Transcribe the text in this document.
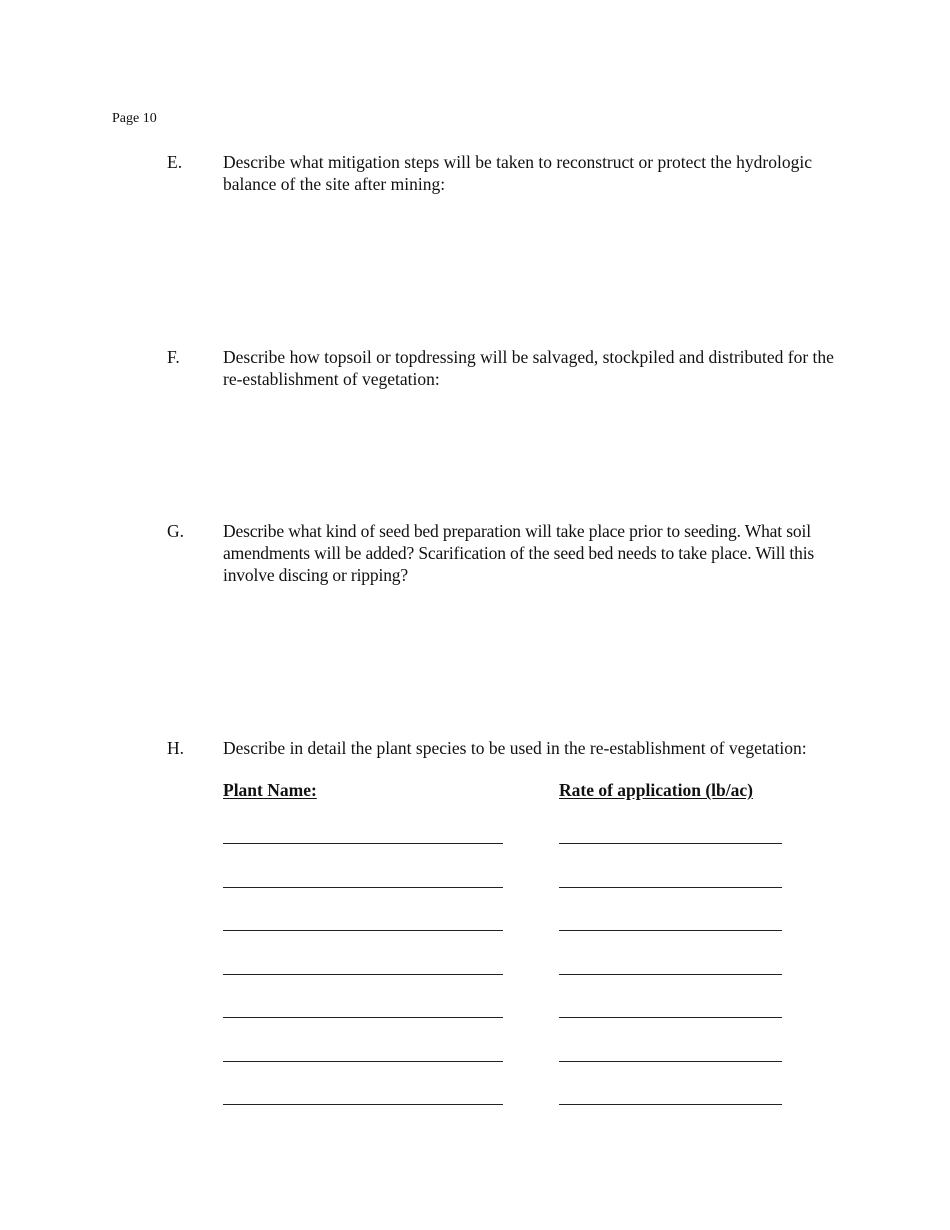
Page 10
E. Describe what mitigation steps will be taken to reconstruct or protect the hydrologic balance of the site after mining:
F. Describe how topsoil or topdressing will be salvaged, stockpiled and distributed for the re-establishment of vegetation:
G. Describe what kind of seed bed preparation will take place prior to seeding. What soil amendments will be added? Scarification of the seed bed needs to take place. Will this involve discing or ripping?
H. Describe in detail the plant species to be used in the re-establishment of vegetation:
Plant Name:	Rate of application (lb/ac)
